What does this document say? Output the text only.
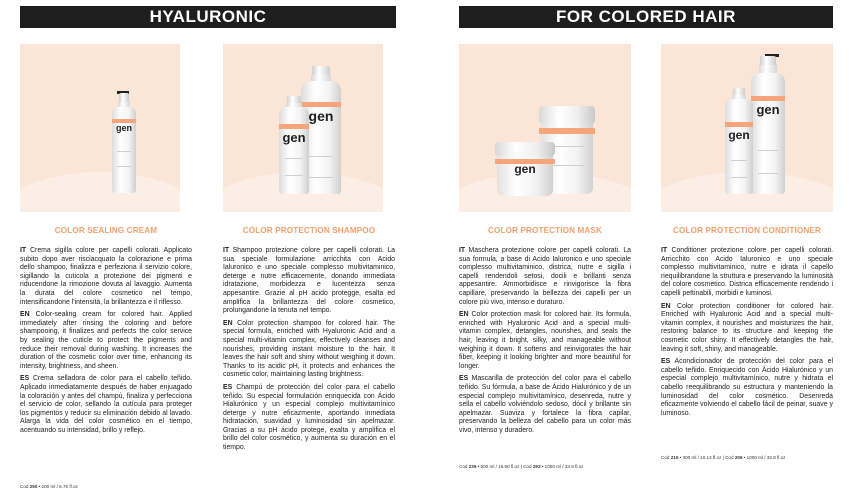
HYALURONIC	FOR COLORED HAIR
gen
gen
gen
gen
gen
gen
COLOR SEALING CREAM	COLOR PROTECTION SHAMPOO	COLOR PROTECTION MASK	COLOR PROTECTION CONDITIONER

IT Crema sigilla colore per capelli colorati. Applicato subito dopo aver risciacquato la colorazione e prima dello shampoo, finalizza e perfeziona il servizio colore, sigillando la cuticola a protezione dei pigmenti e riducendone la rimozione dovuta al lavaggio. Aumenta la durata del colore cosmetico nel tempo, intensificandone l'intensità, la brillantezza e il riflesso.

EN Color-sealing cream for colored hair. Applied immediately after rinsing the coloring and before shampooing, it finalizes and perfects the color service by sealing the cuticle to protect the pigments and reduce their removal during washing. It increases the duration of the cosmetic color over time, enhancing its intensity, brightness, and sheen.

ES Crema selladora de color para el cabello teñido. Aplicado inmediatamente después de haber enjuagado la coloración y antes del champú, finaliza y perfecciona el servicio de color, sellando la cutícula para proteger los pigmentos y reducir su eliminación debido al lavado. Alarga la vida del color cosmético en el tiempo, acentuando su intensidad, brillo y reflejo.

IT Shampoo protezione colore per capelli colorati. La sua speciale formulazione arricchita con Acido Ialuronico e uno speciale complesso multivitaminico, deterge e nutre efficacemente, donando immediata idratazione, morbidezza e lucentezza senza appesantire. Grazie al pH acido protegge, esalta ed amplifica la brillantezza del colore cosmetico, prolungandone la tenuta nel tempo.

EN Color protection shampoo for colored hair. The special formula, enriched with Hyaluronic Acid and a special multi-vitamin complex, effectively cleanses and nourishes, providing instant moisture to the hair. It leaves the hair soft and shiny without weighing it down. Thanks to its acidic pH, it protects and enhances the cosmetic color, maintaining lasting brightness.

ES Champú de protección del color para el cabello teñido. Su especial formulación enriquecida con Ácido Hialurónico y un especial complejo multivitamínico deterge y nutre eficazmente, aportando inmediata hidratación, suavidad y luminosidad sin apelmazar. Gracias a su pH ácido protege, exalta y amplifica el brillo del color cosmético, y aumenta su duración en el tiempo.

IT Maschera protezione colore per capelli colorati. La sua formula, a base di Acido Ialuronico e uno speciale complesso multivitaminico, districa, nutre e sigilla i capelli rendendoli setosi, docili e brillanti senza appesantire. Ammorbidisce e rinvigorisce la fibra capillare, preservando la bellezza dei capelli per un colore più vivo, intenso e duraturo.

EN Color protection mask for colored hair. Its formula, enriched with Hyaluronic Acid and a special multi-vitamin complex, detangles, nourishes, and seals the hair, leaving it bright, silky, and manageable without weighing it down. It softens and reinvigorates the hair fiber, keeping it looking brighter and more beautiful for longer.

ES Mascarilla de protección del color para el cabello teñido. Su fórmula, a base de Ácido Hialurónico y de un especial complejo multivitamínico, desenreda, nutre y sella el cabello volviéndolo sedoso, dócil y brillante sin apelmazar. Suaviza y fortalece la fibra capilar, preservando la belleza del cabello para un color más vivo, intenso y duradero.

IT Conditioner protezione colore per capelli colorati. Arricchito con Acido Ialuronico e uno speciale complesso multivitaminico, nutre e idrata il capello riequilibrandone la struttura e preservando la luminosità del colore cosmetico. Districa efficacemente rendendo i capelli pettinabili, morbidi e luminosi.

EN Color protection conditioner for colored hair. Enriched with Hyaluronic Acid and a special multi-vitamin complex, it nourishes and moisturizes the hair, restoring balance to its structure and keeping the cosmetic color shiny. It effectively detangles the hair, leaving it soft, shiny, and manageable.

ES Acondicionador de protección del color para el cabello teñido. Enriquecido con Ácido Hialurónico y un especial complejo multivitamínico, nutre y hidrata el cabello reequilibrando su estructura y manteniendo la luminosidad del color cosmético. Desenreda eficazmente volviendo el cabello fácil de peinar, suave y luminoso.

Cod 250 • 200 ml / 6.76 fl.oz
Cod 239 • 500 ml / 16.90 fl.oz | Cod 293 • 1000 ml / 33.8 fl.oz
Cod 215 • 300 ml / 10.14 fl.oz | Cod 206 • 1000 ml / 33.8 fl.oz
